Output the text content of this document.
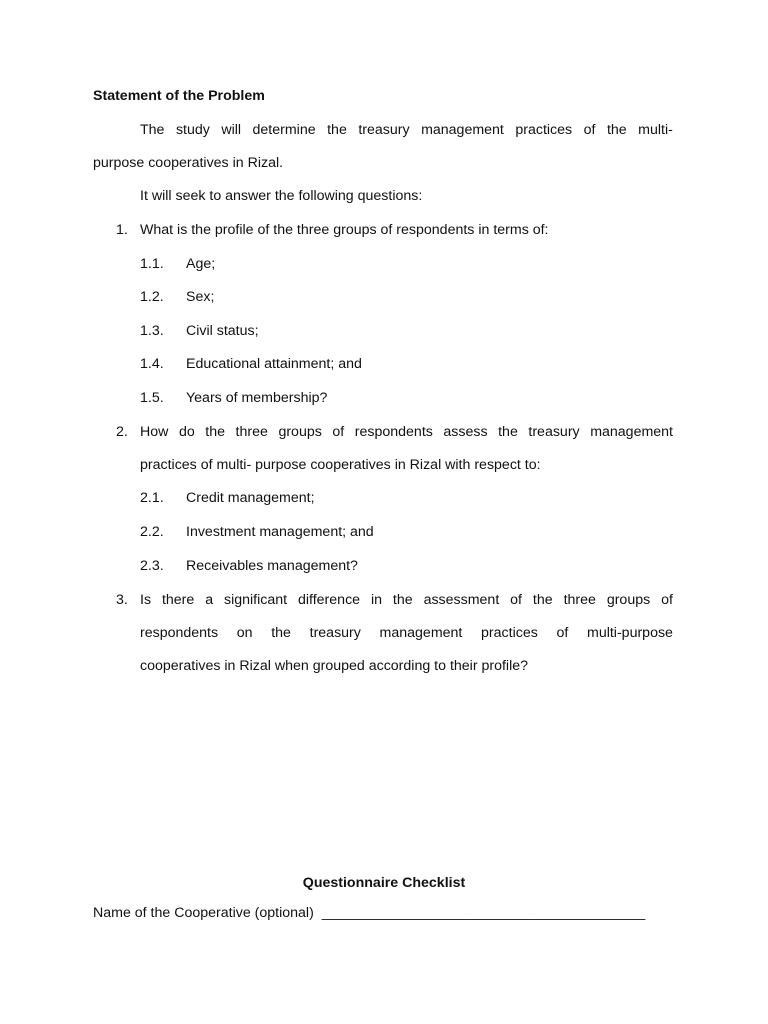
Statement of the Problem
The study will determine the treasury management practices of the multi-
purpose cooperatives in Rizal.
It will seek to answer the following questions:
1. What is the profile of the three groups of respondents in terms of:
1.1. Age;
1.2. Sex;
1.3. Civil status;
1.4. Educational attainment; and
1.5. Years of membership?
2. How do the three groups of respondents assess the treasury management
practices of multi- purpose cooperatives in Rizal with respect to:
2.1. Credit management;
2.2. Investment management; and
2.3. Receivables management?
3. Is there a significant difference in the assessment of the three groups of
respondents on the treasury management practices of multi-purpose
cooperatives in Rizal when grouped according to their profile?
Questionnaire Checklist
Name of the Cooperative (optional) _________________________________________
